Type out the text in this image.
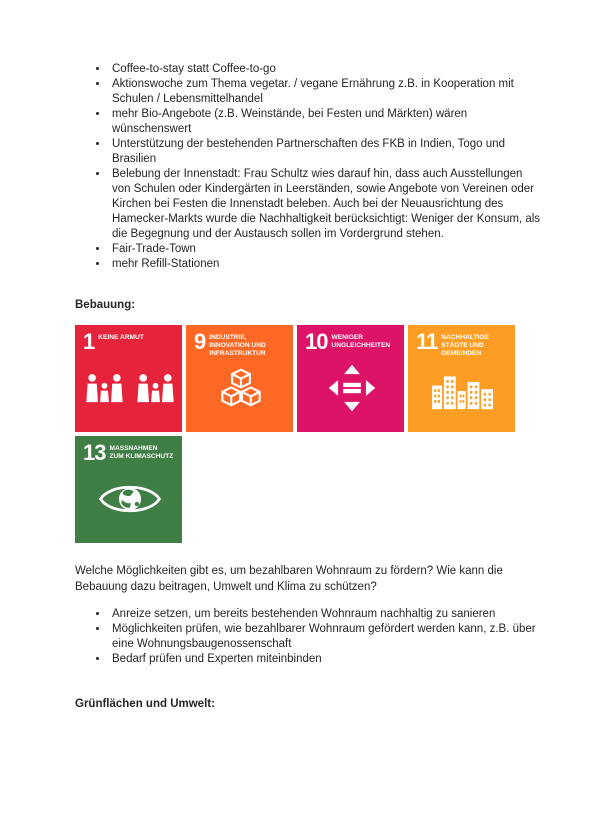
• Coffee-to-stay statt Coffee-to-go
• Aktionswoche zum Thema vegetar. / vegane Ernährung z.B. in Kooperation mit Schulen / Lebensmittelhandel
• mehr Bio-Angebote (z.B. Weinstände, bei Festen und Märkten) wären wünschenswert
• Unterstützung der bestehenden Partnerschaften des FKB in Indien, Togo und Brasilien
• Belebung der Innenstadt: Frau Schultz wies darauf hin, dass auch Ausstellungen von Schulen oder Kindergärten in Leerständen, sowie Angebote von Vereinen oder Kirchen bei Festen die Innenstadt beleben. Auch bei der Neuausrichtung des Hamecker-Markts wurde die Nachhaltigkeit berücksichtigt: Weniger der Konsum, als die Begegnung und der Austausch sollen im Vordergrund stehen.
• Fair-Trade-Town
• mehr Refill-Stationen
Bebauung:
1 KEINE ARMUT 9 INDUSTRIE, INNOVATION UND INFRASTRUKTUR	10 WENIGER UNGLEICHHEITEN 11 NACHHALTIGE STÄDTE UND GEMEINDEN
13 MASSNAHMEN ZUM KLIMASCHUTZ

Welche Möglichkeiten gibt es, um bezahlbaren Wohnraum zu fördern? Wie kann die Bebauung dazu beitragen, Umwelt und Klima zu schützen?

• Anreize setzen, um bereits bestehenden Wohnraum nachhaltig zu sanieren
• Möglichkeiten prüfen, wie bezahlbarer Wohnraum gefördert werden kann, z.B. über eine Wohnungsbaugenossenschaft
• Bedarf prüfen und Experten miteinbinden
Grünflächen und Umwelt:
